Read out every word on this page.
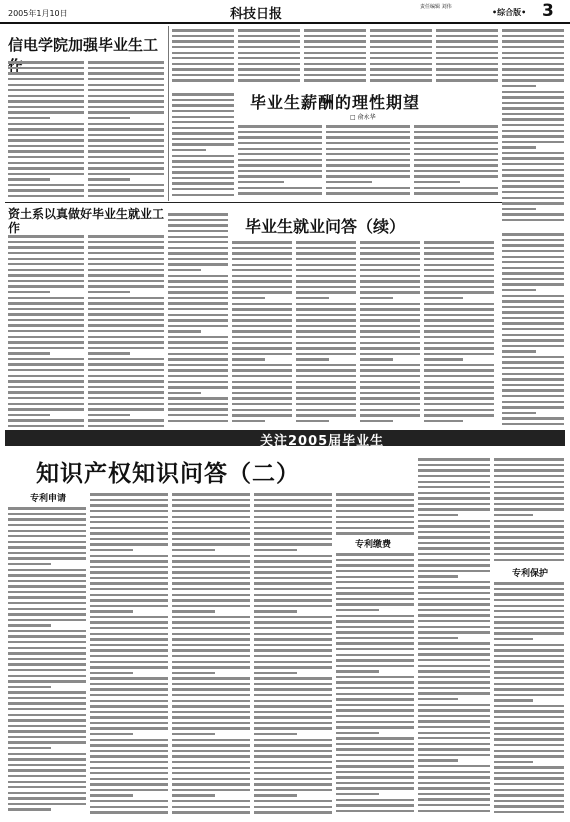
2005年1月10日	科技日报	责任编辑 刘伟
•综合版• 3
信电学院加强毕业生工
毕业生薪酬的理性期望
□ 俞永华
资土系以真做好毕业生就业工作	毕业生就业问答（续）
关注2005届毕业生
知识产权知识问答（二）
专利申请
专利缴费
专利保护
